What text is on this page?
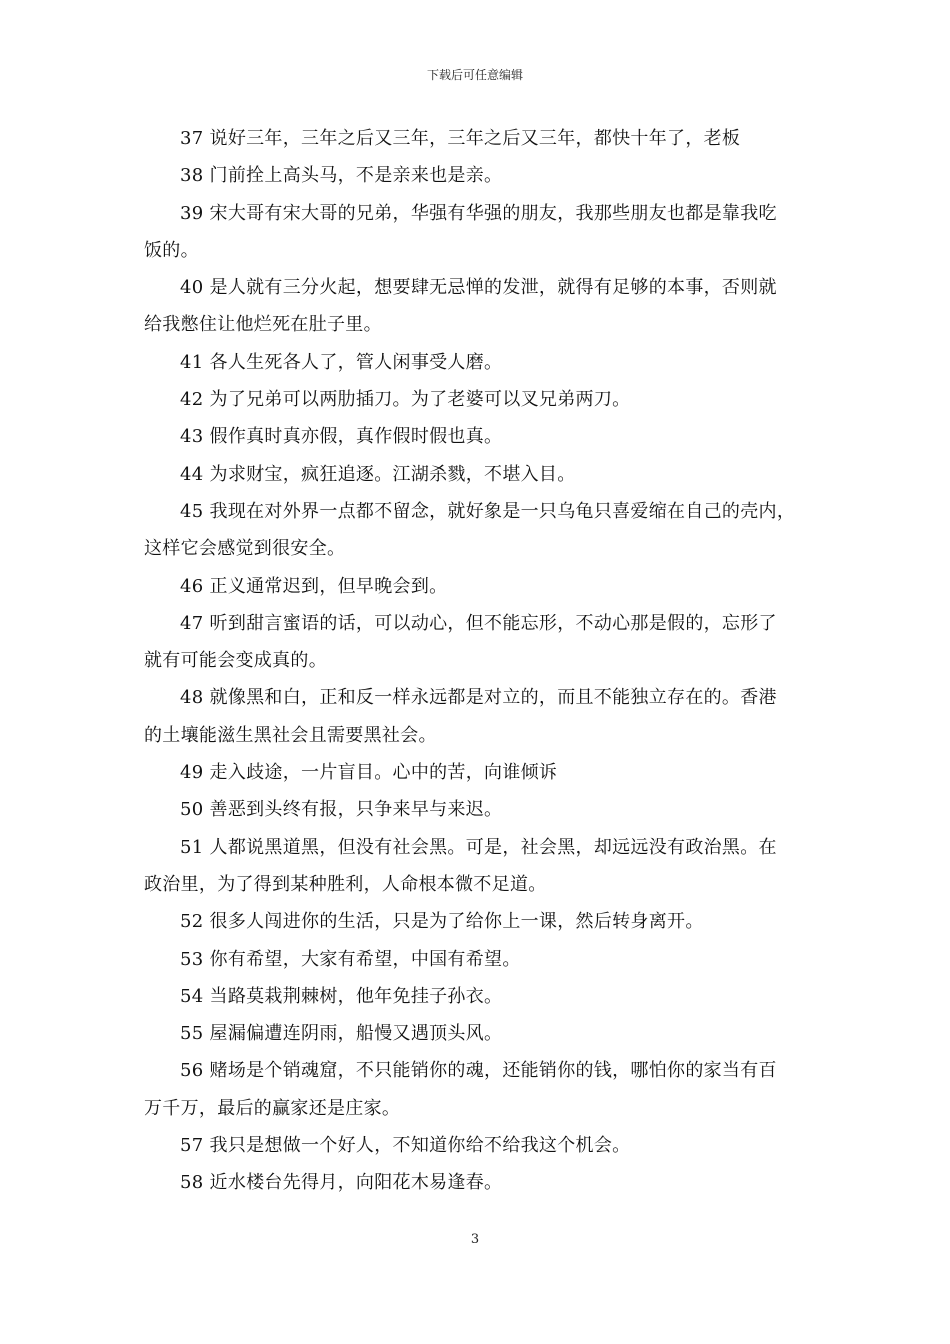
下载后可任意编辑
37 说好三年，三年之后又三年，三年之后又三年，都快十年了，老板
38 门前拴上高头马，不是亲来也是亲。
39 宋大哥有宋大哥的兄弟，华强有华强的朋友，我那些朋友也都是靠我吃
饭的。
40 是人就有三分火起，想要肆无忌惮的发泄，就得有足够的本事，否则就
给我憋住让他烂死在肚子里。
41 各人生死各人了，管人闲事受人磨。
42 为了兄弟可以两肋插刀。为了老婆可以叉兄弟两刀。
43 假作真时真亦假，真作假时假也真。
44 为求财宝，疯狂追逐。江湖杀戮，不堪入目。
45 我现在对外界一点都不留念，就好象是一只乌龟只喜爱缩在自己的壳内，
这样它会感觉到很安全。
46 正义通常迟到，但早晚会到。
47 听到甜言蜜语的话，可以动心，但不能忘形，不动心那是假的，忘形了
就有可能会变成真的。
48 就像黑和白，正和反一样永远都是对立的，而且不能独立存在的。香港
的土壤能滋生黑社会且需要黑社会。
49 走入歧途，一片盲目。心中的苦，向谁倾诉
50 善恶到头终有报，只争来早与来迟。
51 人都说黑道黑，但没有社会黑。可是，社会黑，却远远没有政治黑。在
政治里，为了得到某种胜利，人命根本微不足道。
52 很多人闯进你的生活，只是为了给你上一课，然后转身离开。
53 你有希望，大家有希望，中国有希望。
54 当路莫栽荆棘树，他年免挂子孙衣。
55 屋漏偏遭连阴雨，船慢又遇顶头风。
56 赌场是个销魂窟，不只能销你的魂，还能销你的钱，哪怕你的家当有百
万千万，最后的赢家还是庄家。
57 我只是想做一个好人，不知道你给不给我这个机会。
58 近水楼台先得月，向阳花木易逢春。
3
